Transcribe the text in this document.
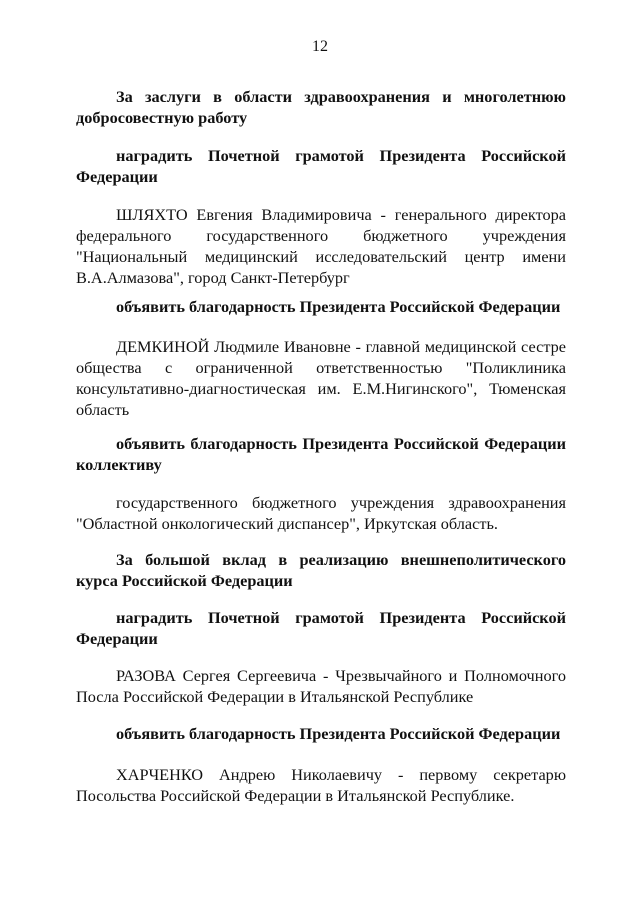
12

За заслуги в области здравоохранения и многолетнюю добросовестную работу

наградить Почетной грамотой Президента Российской Федерации

ШЛЯХТО Евгения Владимировича - генерального директора федерального государственного бюджетного учреждения "Национальный медицинский исследовательский центр имени В.А.Алмазова", город Санкт-Петербург

объявить благодарность Президента Российской Федерации

ДЕМКИНОЙ Людмиле Ивановне - главной медицинской сестре общества с ограниченной ответственностью "Поликлиника консультативно-диагностическая им. Е.М.Нигинского", Тюменская область

объявить благодарность Президента Российской Федерации коллективу

государственного бюджетного учреждения здравоохранения "Областной онкологический диспансер", Иркутская область.

За большой вклад в реализацию внешнеполитического курса Российской Федерации

наградить Почетной грамотой Президента Российской Федерации

РАЗОВА Сергея Сергеевича - Чрезвычайного и Полномочного Посла Российской Федерации в Итальянской Республике

объявить благодарность Президента Российской Федерации

ХАРЧЕНКО Андрею Николаевичу - первому секретарю Посольства Российской Федерации в Итальянской Республике.
